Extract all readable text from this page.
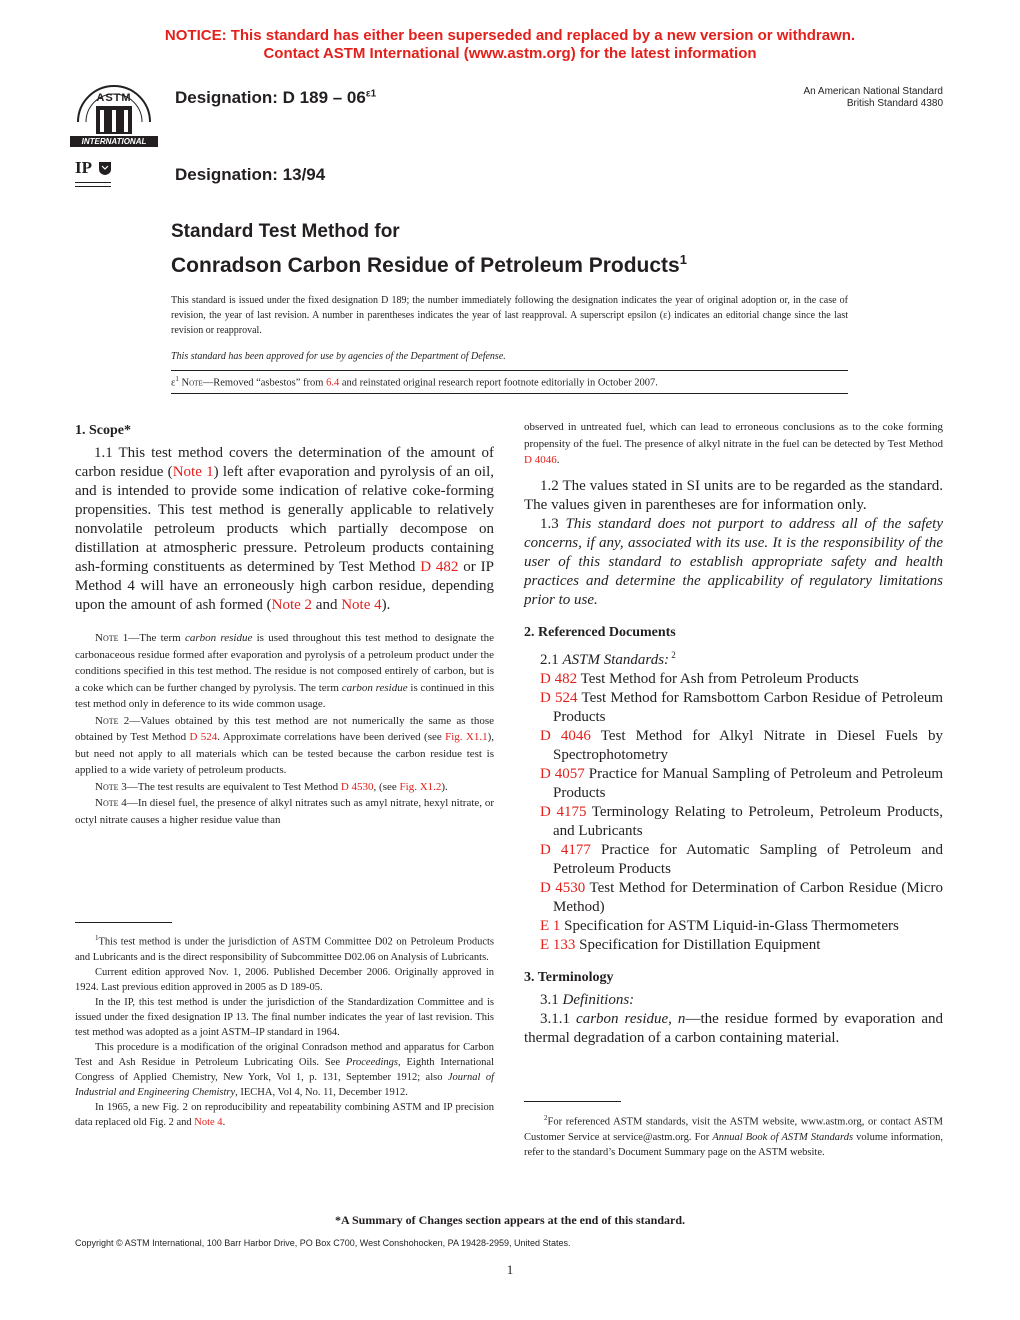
NOTICE: This standard has either been superseded and replaced by a new version or withdrawn.
Contact ASTM International (www.astm.org) for the latest information
ASTM
INTERNATIONAL
IP
Designation: D $189 - 06^{\varepsilon 1}$
Designation: 13/94
An American National Standard
British Standard 4380
Standard Test Method for
Conradson Carbon Residue of Petroleum Products$^1$
This standard is issued under the fixed designation D 189; the number immediately following the designation indicates the year of original adoption or, in the case of revision, the year of last revision. A number in parentheses indicates the year of last reapproval. A superscript epsilon (ε) indicates an editorial change since the last revision or reapproval.
This standard has been approved for use by agencies of the Department of Defense.
$\varepsilon^1$ Note—Removed “asbestos” from 6.4 and reinstated original research report footnote editorially in October 2007.

1. Scope*

1.1 This test method covers the determination of the amount of carbon residue (Note 1) left after evaporation and pyrolysis of an oil, and is intended to provide some indication of relative coke-forming propensities. This test method is generally applicable to relatively nonvolatile petroleum products which partially decompose on distillation at atmospheric pressure. Petroleum products containing ash-forming constituents as determined by Test Method D 482 or IP Method 4 will have an erroneously high carbon residue, depending upon the amount of ash formed (Note 2 and Note 4).

Note 1—The term carbon residue is used throughout this test method to designate the carbonaceous residue formed after evaporation and pyrolysis of a petroleum product under the conditions specified in this test method. The residue is not composed entirely of carbon, but is a coke which can be further changed by pyrolysis. The term carbon residue is continued in this test method only in deference to its wide common usage.

Note 2—Values obtained by this test method are not numerically the same as those obtained by Test Method D 524. Approximate correlations have been derived (see Fig. X1.1), but need not apply to all materials which can be tested because the carbon residue test is applied to a wide variety of petroleum products.

Note 3—The test results are equivalent to Test Method D 4530, (see Fig. X1.2).

Note 4—In diesel fuel, the presence of alkyl nitrates such as amyl nitrate, hexyl nitrate, or octyl nitrate causes a higher residue value than

$^1$This test method is under the jurisdiction of ASTM Committee D02 on Petroleum Products and Lubricants and is the direct responsibility of Subcommittee D02.06 on Analysis of Lubricants.

Current edition approved Nov. 1, 2006. Published December 2006. Originally approved in 1924. Last previous edition approved in 2005 as D 189-05.

In the IP, this test method is under the jurisdiction of the Standardization Committee and is issued under the fixed designation IP 13. The final number indicates the year of last revision. This test method was adopted as a joint ASTM–IP standard in 1964.

This procedure is a modification of the original Conradson method and apparatus for Carbon Test and Ash Residue in Petroleum Lubricating Oils. See Proceedings, Eighth International Congress of Applied Chemistry, New York, Vol 1, p. 131, September 1912; also Journal of Industrial and Engineering Chemistry, IECHA, Vol 4, No. 11, December 1912.

In 1965, a new Fig. 2 on reproducibility and repeatability combining ASTM and IP precision data replaced old Fig. 2 and Note 4.

observed in untreated fuel, which can lead to erroneous conclusions as to the coke forming propensity of the fuel. The presence of alkyl nitrate in the fuel can be detected by Test Method D 4046.

1.2 The values stated in SI units are to be regarded as the standard. The values given in parentheses are for information only.

1.3 This standard does not purport to address all of the safety concerns, if any, associated with its use. It is the responsibility of the user of this standard to establish appropriate safety and health practices and determine the applicability of regulatory limitations prior to use.

2. Referenced Documents

2.1 ASTM Standards: $^2$

D 482 Test Method for Ash from Petroleum Products

D 524 Test Method for Ramsbottom Carbon Residue of Petroleum Products

D 4046 Test Method for Alkyl Nitrate in Diesel Fuels by Spectrophotometry

D 4057 Practice for Manual Sampling of Petroleum and Petroleum Products

D 4175 Terminology Relating to Petroleum, Petroleum Products, and Lubricants

D 4177 Practice for Automatic Sampling of Petroleum and Petroleum Products

D 4530 Test Method for Determination of Carbon Residue (Micro Method)

E 1 Specification for ASTM Liquid-in-Glass Thermometers

E 133 Specification for Distillation Equipment

3. Terminology

3.1 Definitions:

3.1.1 carbon residue, n—the residue formed by evaporation and thermal degradation of a carbon containing material.

$^2$For referenced ASTM standards, visit the ASTM website, www.astm.org, or contact ASTM Customer Service at service@astm.org. For Annual Book of ASTM Standards volume information, refer to the standard’s Document Summary page on the ASTM website.

*A Summary of Changes section appears at the end of this standard.
Copyright © ASTM International, 100 Barr Harbor Drive, PO Box C700, West Conshohocken, PA 19428-2959, United States.
1
